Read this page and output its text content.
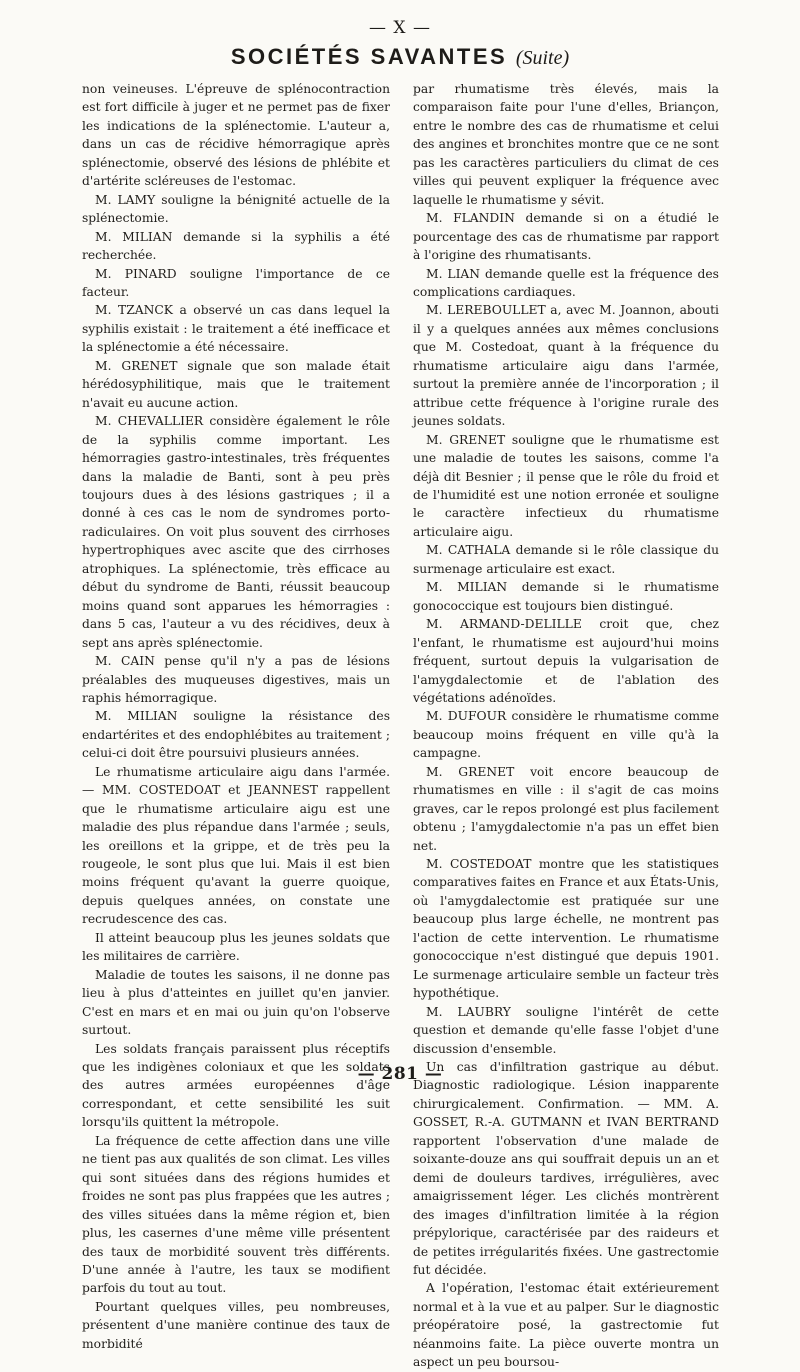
— X —
SOCIÉTÉS SAVANTES (Suite)

non veineuses. L'épreuve de splénocontraction est fort difficile à juger et ne permet pas de fixer les indications de la splénectomie. L'auteur a, dans un cas de récidive hémorragique après splénectomie, observé des lésions de phlébite et d'artérite scléreuses de l'estomac.

M. LAMY souligne la bénignité actuelle de la splénectomie.

M. MILIAN demande si la syphilis a été recherchée.

M. PINARD souligne l'importance de ce facteur.

M. TZANCK a observé un cas dans lequel la syphilis existait : le traitement a été inefficace et la splénectomie a été nécessaire.

M. GRENET signale que son malade était hérédosyphilitique, mais que le traitement n'avait eu aucune action.

M. CHEVALLIER considère également le rôle de la syphilis comme important. Les hémorragies gastro-intestinales, très fréquentes dans la maladie de Banti, sont à peu près toujours dues à des lésions gastriques ; il a donné à ces cas le nom de syndromes porto-radiculaires. On voit plus souvent des cirrhoses hypertrophiques avec ascite que des cirrhoses atrophiques. La splénectomie, très efficace au début du syndrome de Banti, réussit beaucoup moins quand sont apparues les hémorragies : dans 5 cas, l'auteur a vu des récidives, deux à sept ans après splénectomie.

M. CAIN pense qu'il n'y a pas de lésions préalables des muqueuses digestives, mais un raphis hémorragique.

M. MILIAN souligne la résistance des endartérites et des endophlébites au traitement ; celui-ci doit être poursuivi plusieurs années.

Le rhumatisme articulaire aigu dans l'armée. — MM. COSTEDOAT et JEANNEST rappellent que le rhumatisme articulaire aigu est une maladie des plus répandue dans l'armée ; seuls, les oreillons et la grippe, et de très peu la rougeole, le sont plus que lui. Mais il est bien moins fréquent qu'avant la guerre quoique, depuis quelques années, on constate une recrudescence des cas.

Il atteint beaucoup plus les jeunes soldats que les militaires de carrière.

Maladie de toutes les saisons, il ne donne pas lieu à plus d'atteintes en juillet qu'en janvier. C'est en mars et en mai ou juin qu'on l'observe surtout.

Les soldats français paraissent plus réceptifs que les indigènes coloniaux et que les soldats des autres armées européennes d'âge correspondant, et cette sensibilité les suit lorsqu'ils quittent la métropole.

La fréquence de cette affection dans une ville ne tient pas aux qualités de son climat. Les villes qui sont situées dans des régions humides et froides ne sont pas plus frappées que les autres ; des villes situées dans la même région et, bien plus, les casernes d'une même ville présentent des taux de morbidité souvent très différents. D'une année à l'autre, les taux se modifient parfois du tout au tout.

Pourtant quelques villes, peu nombreuses, présentent d'une manière continue des taux de morbidité

par rhumatisme très élevés, mais la comparaison faite pour l'une d'elles, Briançon, entre le nombre des cas de rhumatisme et celui des angines et bronchites montre que ce ne sont pas les caractères particuliers du climat de ces villes qui peuvent expliquer la fréquence avec laquelle le rhumatisme y sévit.

M. FLANDIN demande si on a étudié le pourcentage des cas de rhumatisme par rapport à l'origine des rhumatisants.

M. LIAN demande quelle est la fréquence des complications cardiaques.

M. LEREBOULLET a, avec M. Joannon, abouti il y a quelques années aux mêmes conclusions que M. Costedoat, quant à la fréquence du rhumatisme articulaire aigu dans l'armée, surtout la première année de l'incorporation ; il attribue cette fréquence à l'origine rurale des jeunes soldats.

M. GRENET souligne que le rhumatisme est une maladie de toutes les saisons, comme l'a déjà dit Besnier ; il pense que le rôle du froid et de l'humidité est une notion erronée et souligne le caractère infectieux du rhumatisme articulaire aigu.

M. CATHALA demande si le rôle classique du surmenage articulaire est exact.

M. MILIAN demande si le rhumatisme gonococcique est toujours bien distingué.

M. ARMAND-DELILLE croit que, chez l'enfant, le rhumatisme est aujourd'hui moins fréquent, surtout depuis la vulgarisation de l'amygdalectomie et de l'ablation des végétations adénoïdes.

M. DUFOUR considère le rhumatisme comme beaucoup moins fréquent en ville qu'à la campagne.

M. GRENET voit encore beaucoup de rhumatismes en ville : il s'agit de cas moins graves, car le repos prolongé est plus facilement obtenu ; l'amygdalectomie n'a pas un effet bien net.

M. COSTEDOAT montre que les statistiques comparatives faites en France et aux États-Unis, où l'amygdalectomie est pratiquée sur une beaucoup plus large échelle, ne montrent pas l'action de cette intervention. Le rhumatisme gonococcique n'est distingué que depuis 1901. Le surmenage articulaire semble un facteur très hypothétique.

M. LAUBRY souligne l'intérêt de cette question et demande qu'elle fasse l'objet d'une discussion d'ensemble.

Un cas d'infiltration gastrique au début. Diagnostic radiologique. Lésion inapparente chirurgicalement. Confirmation. — MM. A. GOSSET, R.-A. GUTMANN et IVAN BERTRAND rapportent l'observation d'une malade de soixante-douze ans qui souffrait depuis un an et demi de douleurs tardives, irrégulières, avec amaigrissement léger. Les clichés montrèrent des images d'infiltration limitée à la région prépylorique, caractérisée par des raideurs et de petites irrégularités fixées. Une gastrectomie fut décidée.

A l'opération, l'estomac était extérieurement normal et à la vue et au palper. Sur le diagnostic préopératoire posé, la gastrectomie fut néanmoins faite. La pièce ouverte montra un aspect un peu boursou-

— 281 —
